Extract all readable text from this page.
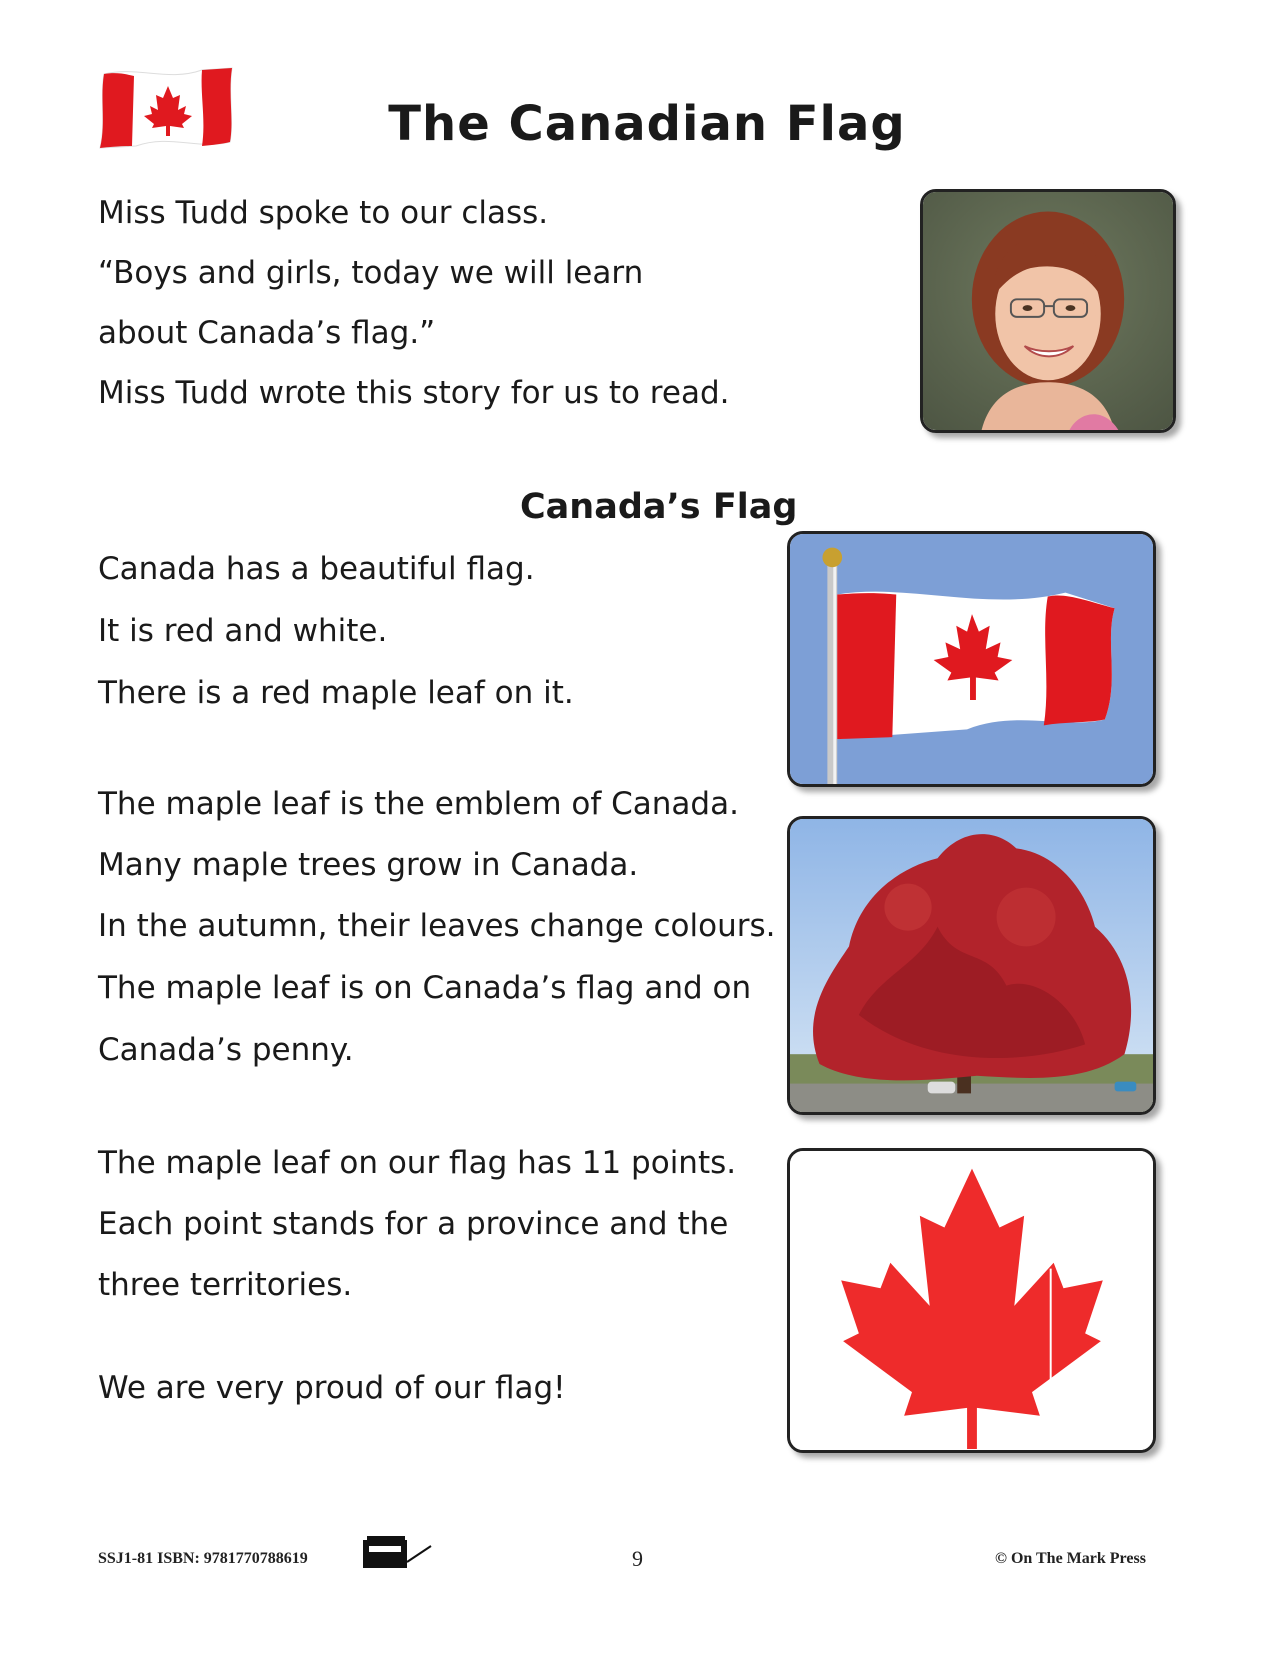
The Canadian Flag
Miss Tudd spoke to our class.
“Boys and girls, today we will learn
about Canada’s flag.”
Miss Tudd wrote this story for us to read.
Canada’s Flag
Canada has a beautiful flag.
It is red and white.
There is a red maple leaf on it.
The maple leaf is the emblem of Canada.
Many maple trees grow in Canada.
In the autumn, their leaves change colours.
The maple leaf is on Canada’s flag and on
Canada’s penny.
The maple leaf on our flag has 11 points.
Each point stands for a province and the
three territories.
We are very proud of our flag!
SSJ1-81 ISBN: 9781770788619	9	© On The Mark Press
